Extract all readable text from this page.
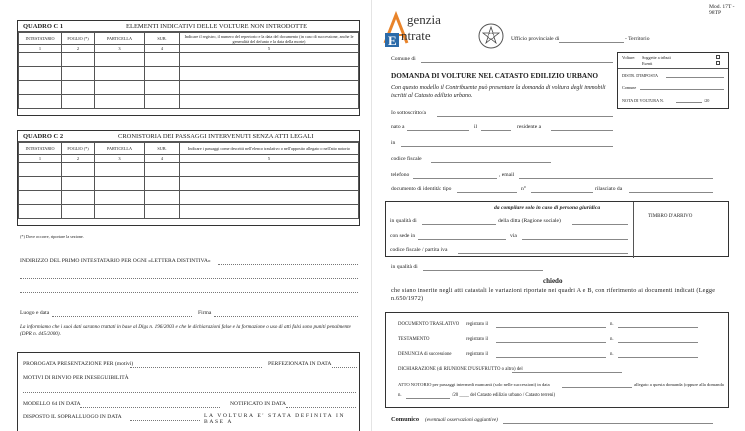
QUADRO C 1	ELEMENTI INDICATIVI DELLE VOLTURE NON INTRODOTTE
INTESTATARIO	FOGLIO (*)	PARTICELLA	SUB.	Indicare il registro, il numero del repertorio e la data del documento (in caso di successione, anche le generalità del defunto e la data della morte)
1	2	3	4	5

QUADRO C 2	CRONISTORIA DEI PASSAGGI INTERVENUTI SENZA ATTI LEGALI
INTESTATARIO	FOGLIO (*)	PARTICELLA	SUB.	Indicare i passaggi come descritti nell'elenco traslativo o nell'apposito allegato o nell'atto notorio
1	2	3	4	5

(*) Dove occorre, riportare la sezione.
INDIRIZZO DEL PRIMO INTESTATARIO PER OGNI «LETTERA DISTINTIVA»
Luogo e data	Firma
La informiamo che i suoi dati saranno trattati in base al Dlgs n. 196/2003 e che le dichiarazioni false e la formazione o uso di atti falsi sono puniti penalmente (DPR n. 445/2000).
PROROGATA PRESENTAZIONE PER (motivi)	PERFEZIONATA IN DATA
MOTIVI DI RINVIO PER INESEGUIBILITÀ
MODELLO 64 IN DATA	NOTIFICATO IN DATA
DISPOSTO IL SOPRALLUOGO IN DATA	LA VOLTURA E' STATA DEFINITA IN BASE A
Mod. 17T - 98TP
E
genzia
ntrate	Ufficio provinciale di	- Territorio
Volture: Soggette a tributi
Esenti
DISTR. D'IMPOSTA
Comune
NOTA DI VOLTURA N.	/20
Comune di
DOMANDA DI VOLTURE NEL CATASTO EDILIZIO URBANO
Con questo modello il Contribuente può presentare la domanda di voltura degli immobili iscritti al Catasto edilizio urbano.
Io sottoscritto/a
nato a	il	residente a
in
codice fiscale
telefono	, email
documento di identità: tipo	n°	rilasciato da
da compilare solo in caso di persona giuridica
in qualità di	della ditta (Ragione sociale)
con sede in	via
codice fiscale / partita iva
TIMBRO D'ARRIVO
in qualità di
chiedo
che siano inserite negli atti catastali le variazioni riportate nei quadri A e B, con riferimento ai documenti indicati (Legge n.650/1972)
DOCUMENTO TRASLATIVO registrato il	n.
TESTAMENTO	registrato il	n.
DENUNCIA di successione	registrato il	n.
DICHIARAZIONE (di RIUNIONE D'USUFRUTTO o altro) del
ATTO NOTORIO per passaggi intermedi mancanti (solo nelle successioni) in data	allegato a questa domanda (oppure alla domanda
n.	/20 ____ del Catasto edilizio urbano / Catasto terreni)
Comunico (eventuali osservazioni aggiuntive)
